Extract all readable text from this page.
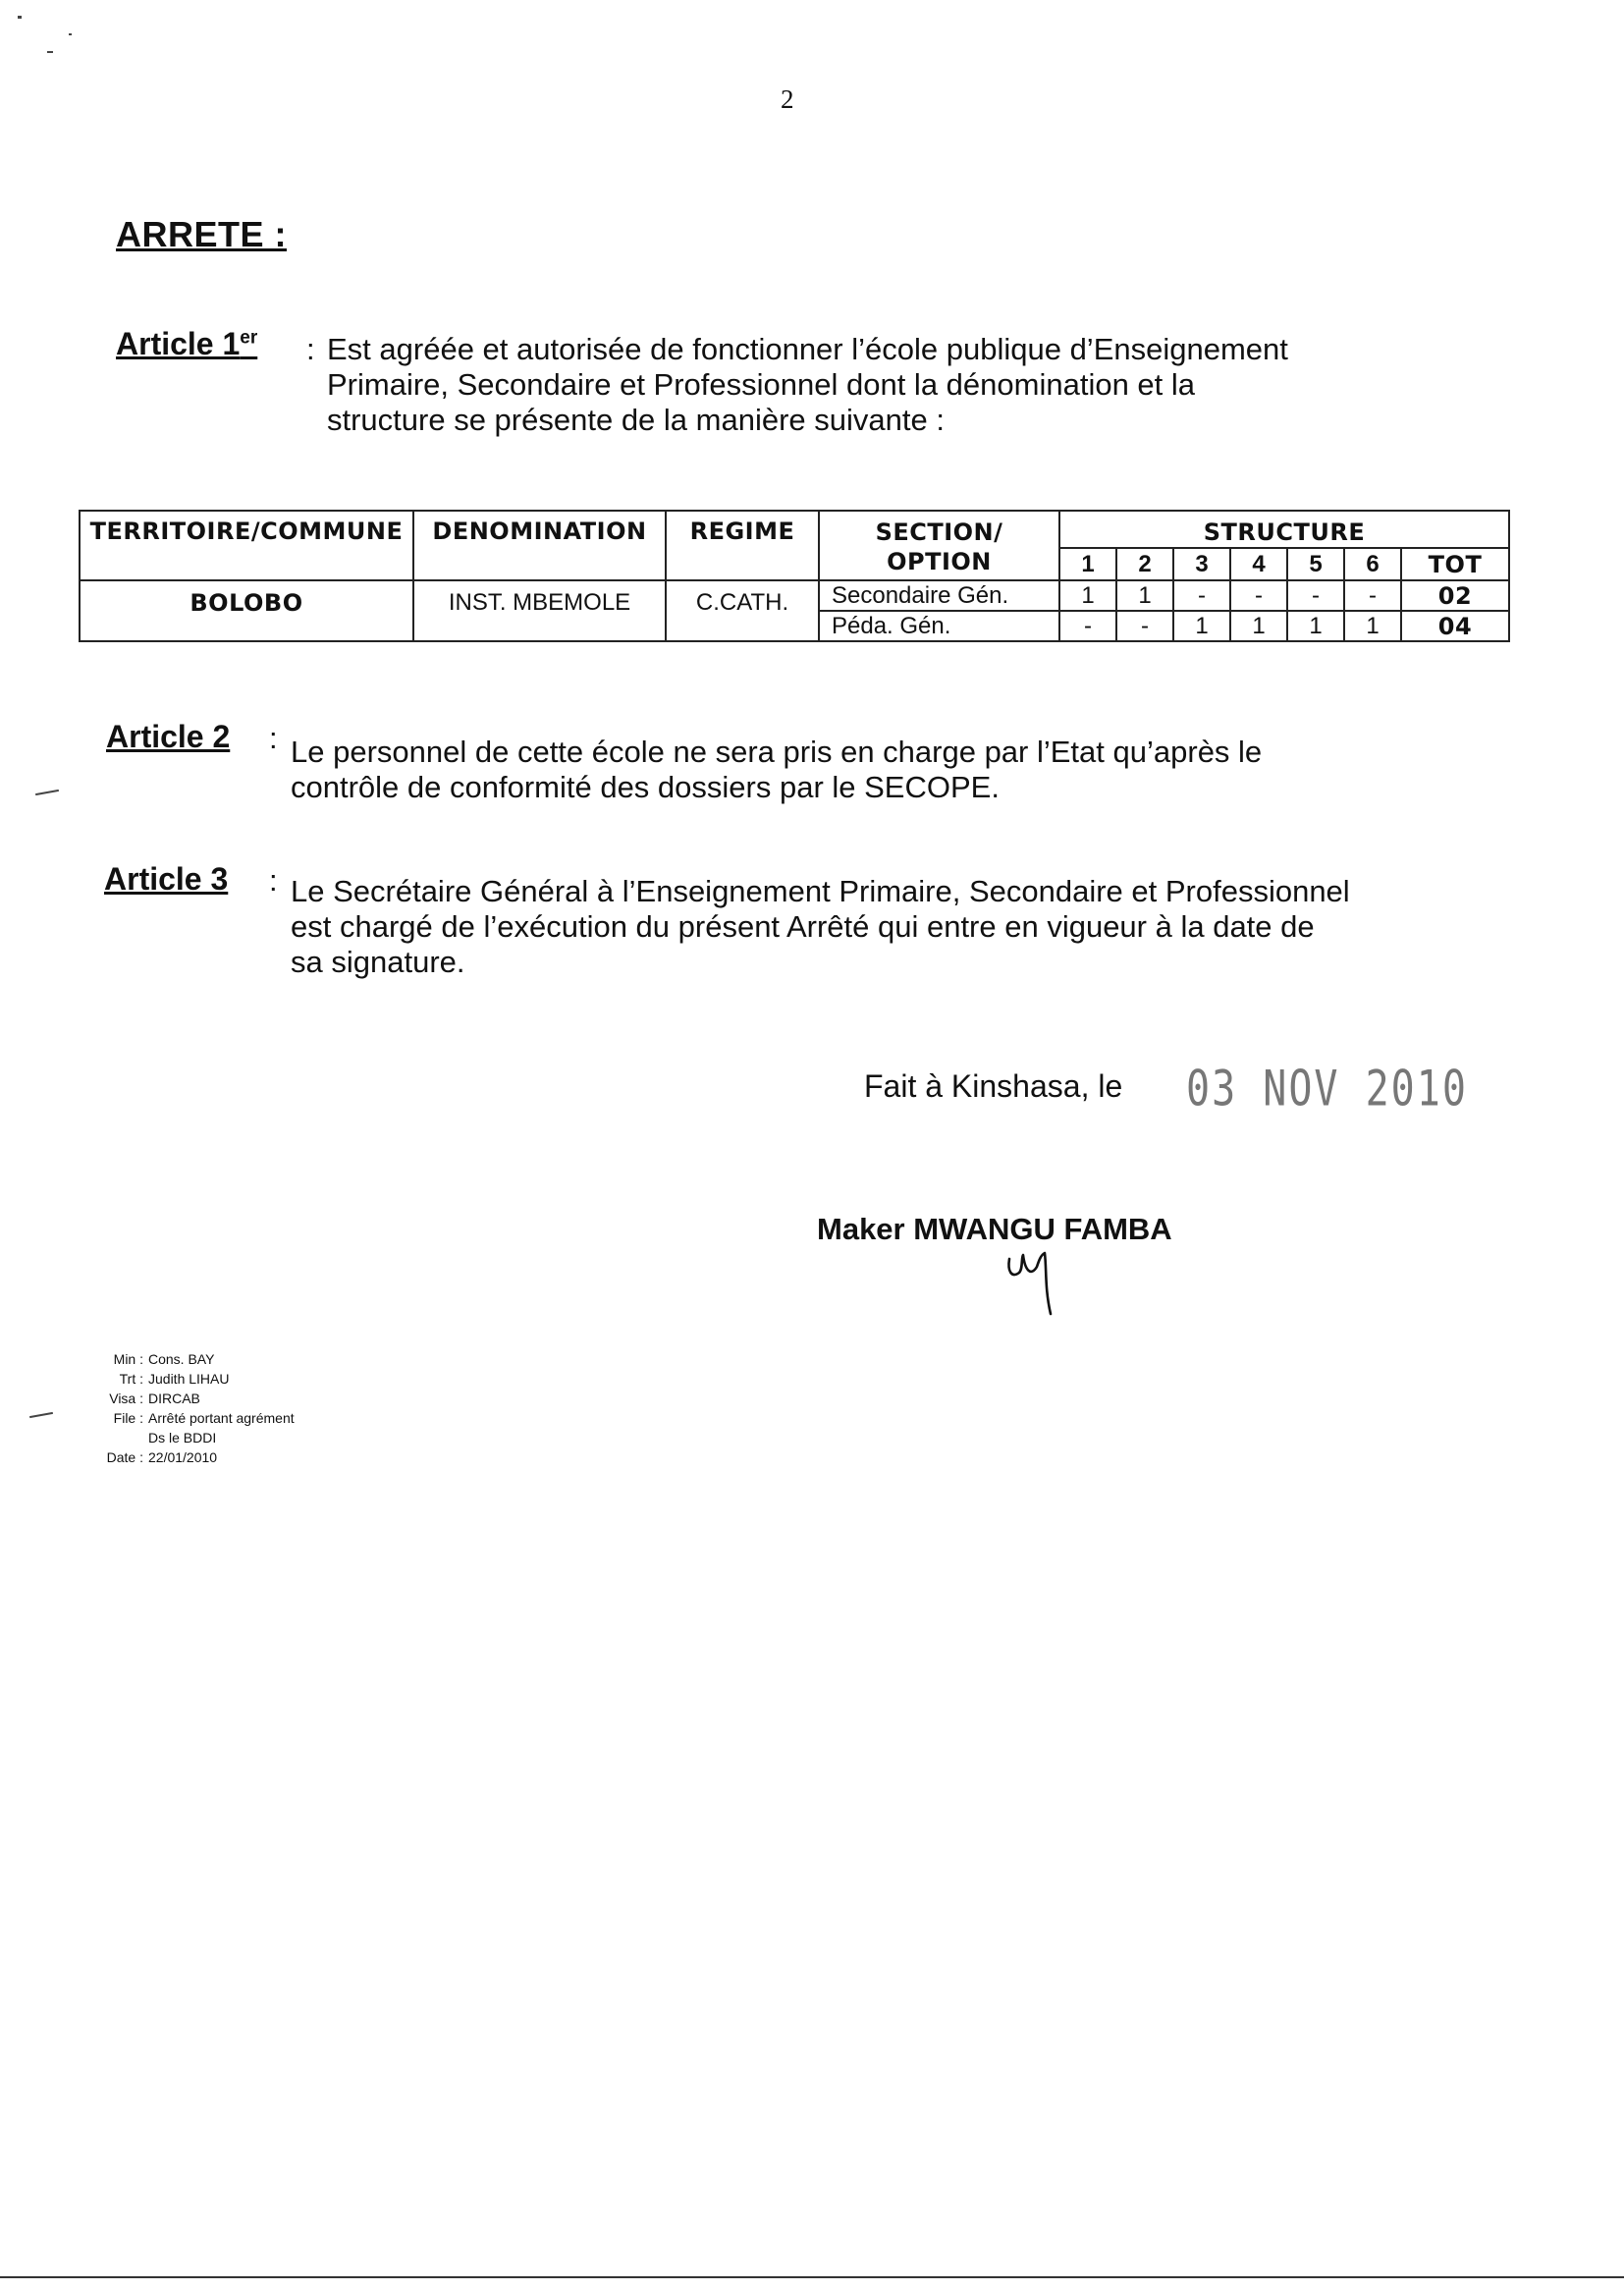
2
ARRETE :
Article 1er : Est agréée et autorisée de fonctionner l’école publique d’Enseignement
Primaire, Secondaire et Professionnel dont la dénomination et la
structure se présente de la manière suivante :
TERRITOIRE/COMMUNE	DENOMINATION	REGIME	SECTION/
OPTION	STRUCTURE						
				1	2	3	4	5	6	TOT
BOLOBO	INST. MBEMOLE	C.CATH.	Secondaire Gén.	1	1	-	-	-	-	02
			Péda. Gén.	-	-	1	1	1	1	04
Article 2 : Le personnel de cette école ne sera pris en charge par l’Etat qu’après le
contrôle de conformité des dossiers par le SECOPE.
Article 3 : Le Secrétaire Général à l’Enseignement Primaire, Secondaire et Professionnel
est chargé de l’exécution du présent Arrêté qui entre en vigueur à la date de
sa signature.
Fait à Kinshasa, le 03 NOV 2010
Maker MWANGU FAMBA
Min : Cons. BAY
Trt : Judith LIHAU
Visa : DIRCAB
File : Arrêté portant agrément
Ds le BDDI
Date : 22/01/2010
